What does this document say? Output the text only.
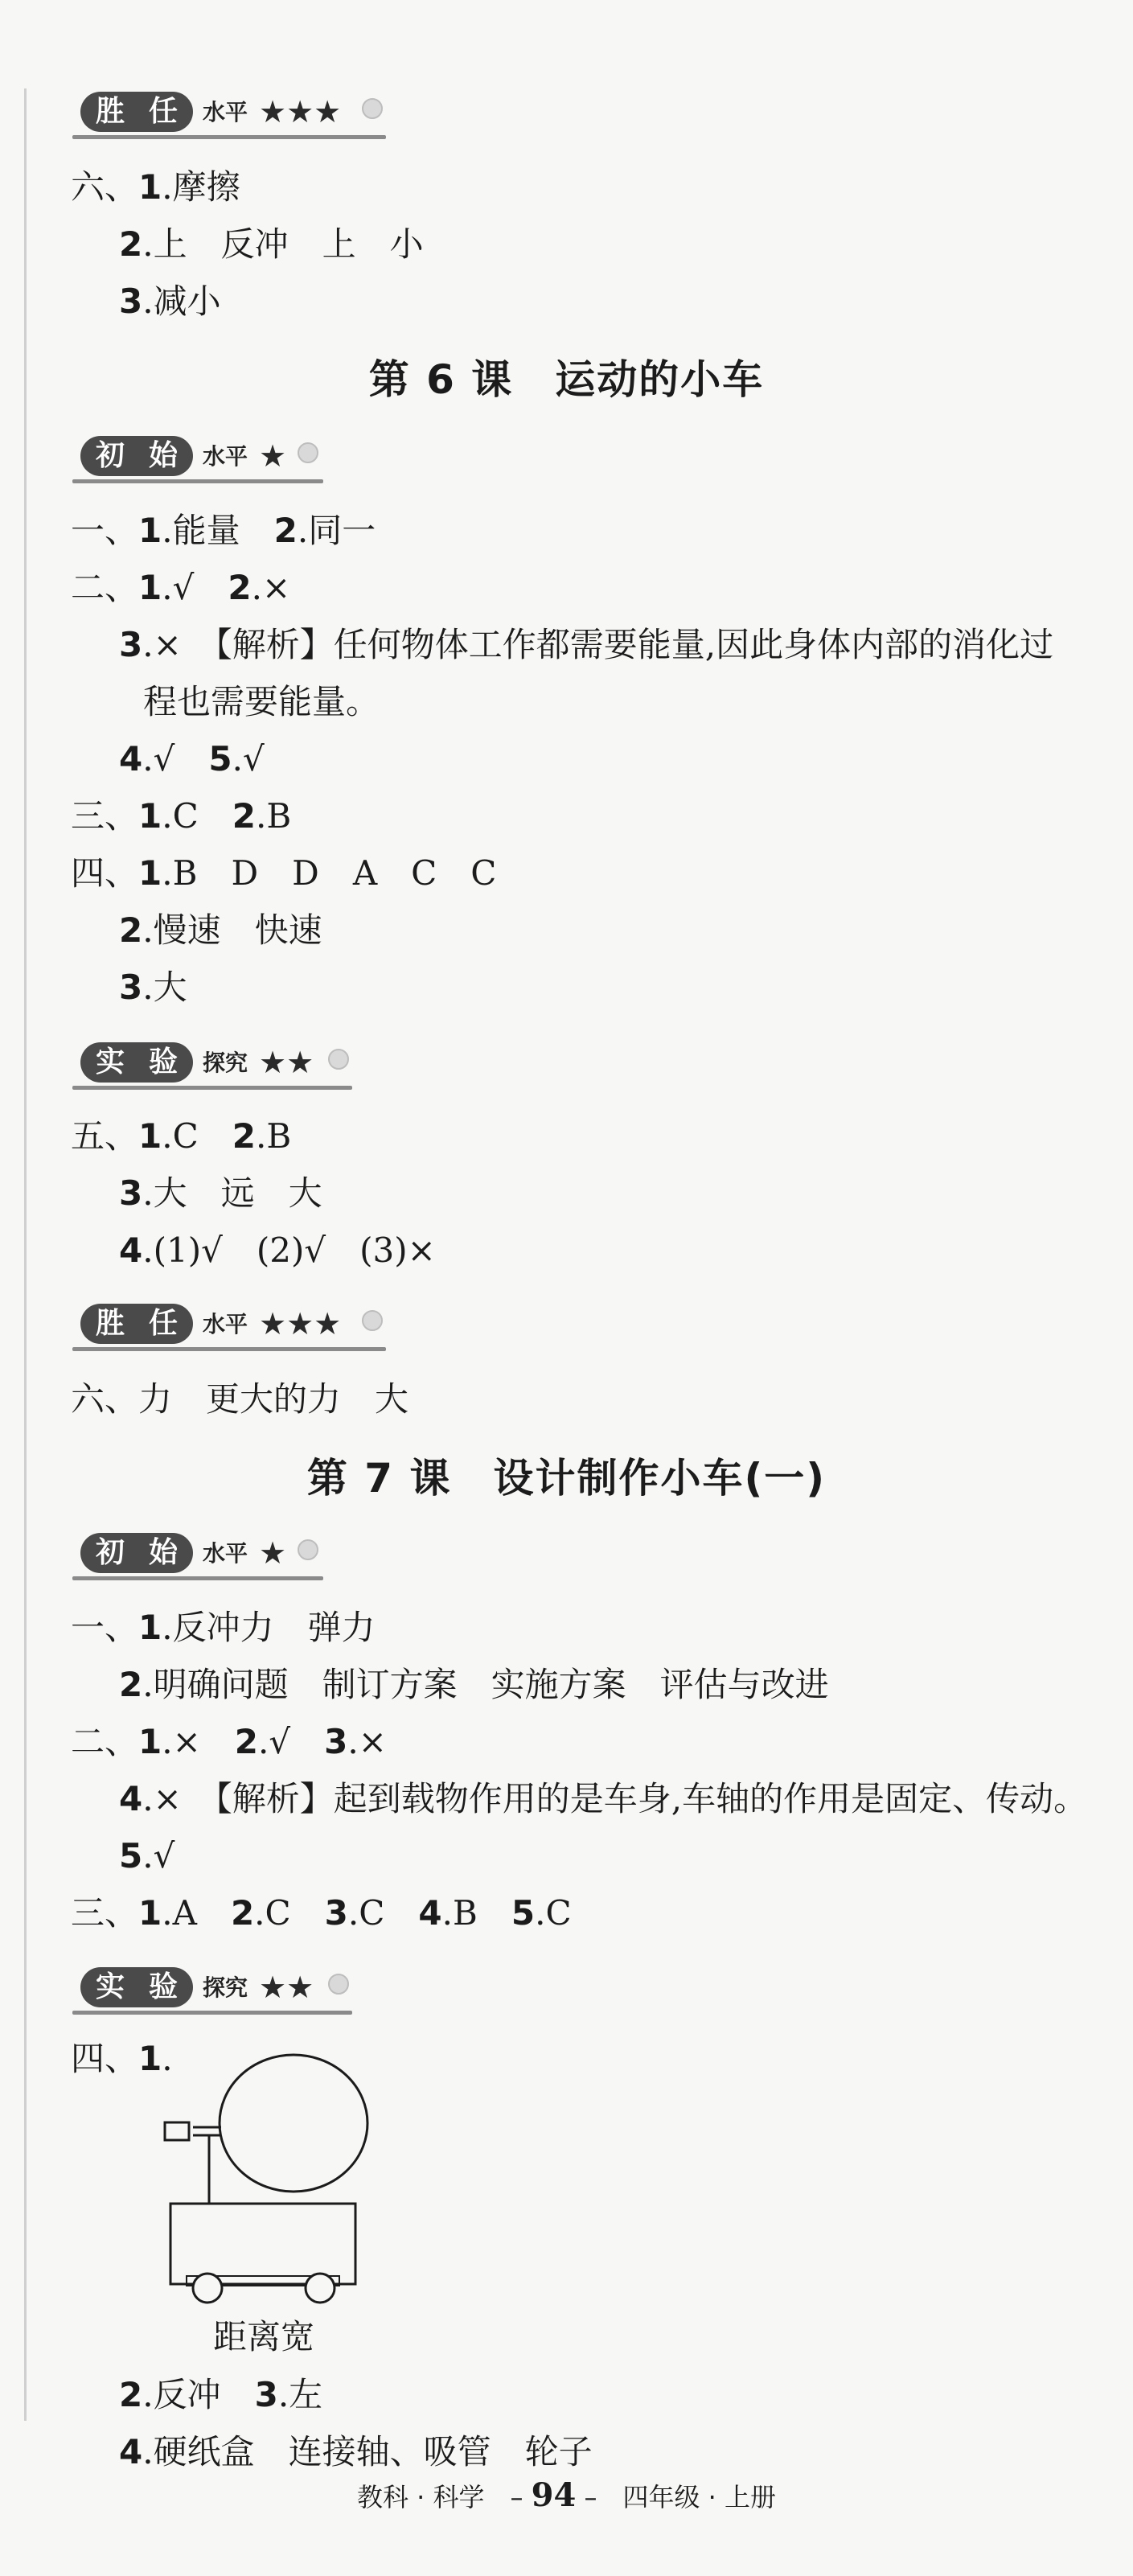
胜 任	水平 ★★★
六、1.摩擦
2.上　反冲　上　小
3.减小
第 6 课　运动的小车
初 始	水平 ★
一、1.能量　2.同一
二、1.√　2.×
3.×　【解析】任何物体工作都需要能量,因此身体内部的消化过
程也需要能量。
4.√　5.√
三、1.C　2.B
四、1.B　D　D　A　C　C
2.慢速　快速
3.大
实 验	探究 ★★
五、1.C　2.B
3.大　远　大
4.(1)√　(2)√　(3)×
胜 任	水平 ★★★
六、力　更大的力　大
第 7 课　设计制作小车(一)
初 始	水平 ★
一、1.反冲力　弹力
2.明确问题　制订方案　实施方案　评估与改进
二、1.×　2.√　3.×
4.×　【解析】起到载物作用的是车身,车轴的作用是固定、传动。
5.√
三、1.A　2.C　3.C　4.B　5.C
实 验	探究 ★★
四、1.
距离宽
2.反冲　3.左
4.硬纸盒　连接轴、吸管　轮子
教科 · 科学　– 94 –　四年级 · 上册
